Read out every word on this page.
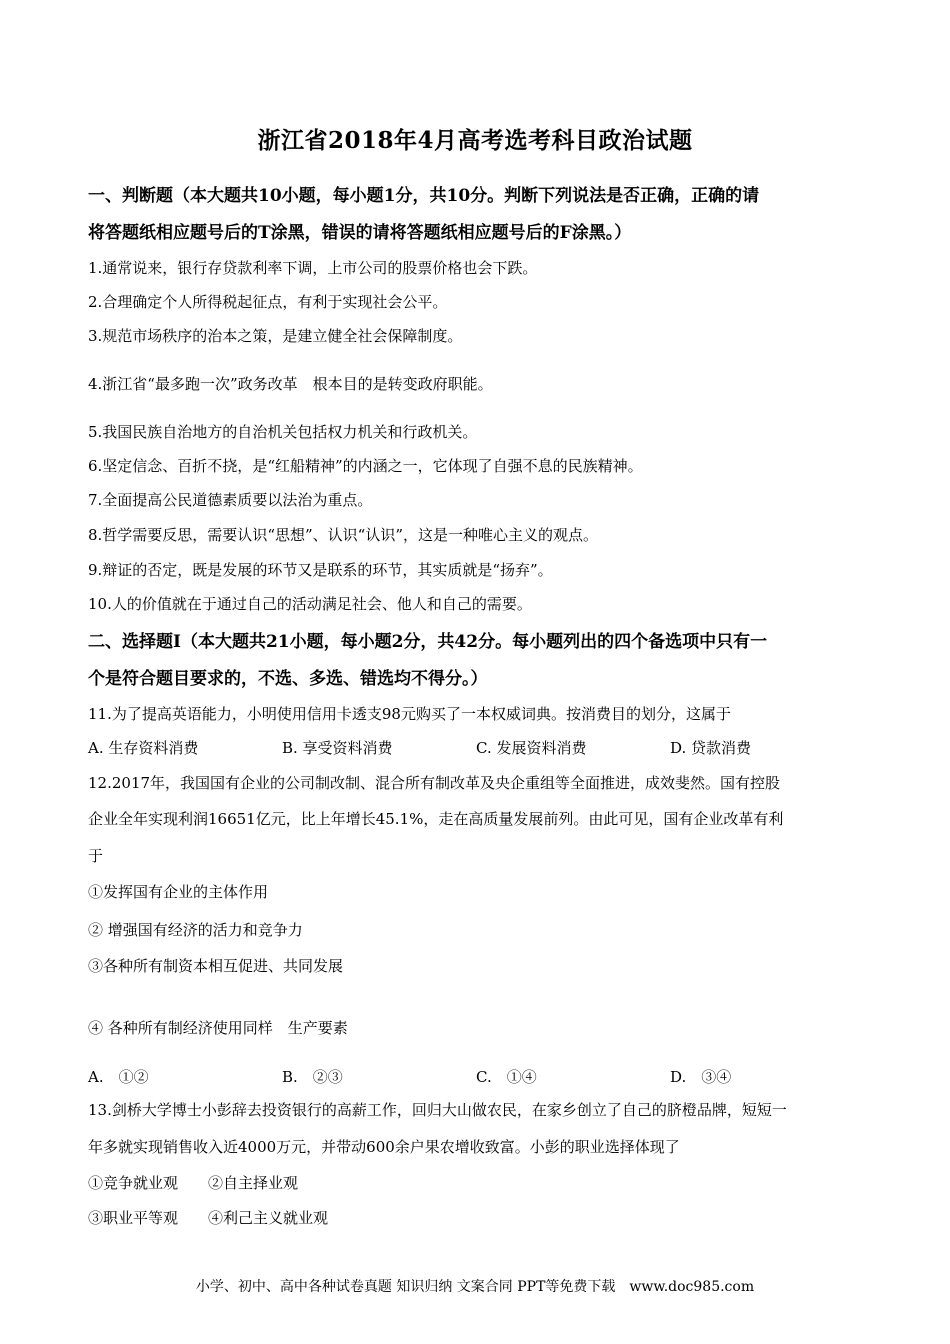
浙江省2018年4月高考选考科目政治试题
一、判断题（本大题共10小题，每小题1分，共10分。判断下列说法是否正确，正确的请
将答题纸相应题号后的T涂黑，错误的请将答题纸相应题号后的F涂黑。）
1.通常说来，银行存贷款利率下调，上市公司的股票价格也会下跌。
2.合理确定个人所得税起征点，有利于实现社会公平。
3.规范市场秩序的治本之策，是建立健全社会保障制度。
4.浙江省“最多跑一次”政务改革　根本目的是转变政府职能。
5.我国民族自治地方的自治机关包括权力机关和行政机关。
6.坚定信念、百折不挠，是“红船精神”的内涵之一，它体现了自强不息的民族精神。
7.全面提高公民道德素质要以法治为重点。
8.哲学需要反思，需要认识“思想”、认识“认识”，这是一种唯心主义的观点。
9.辩证的否定，既是发展的环节又是联系的环节，其实质就是“扬弃”。
10.人的价值就在于通过自己的活动满足社会、他人和自己的需要。
二、选择题Ⅰ（本大题共21小题，每小题2分，共42分。每小题列出的四个备选项中只有一
个是符合题目要求的，不选、多选、错选均不得分。）
11.为了提高英语能力，小明使用信用卡透支98元购买了一本权威词典。按消费目的划分，这属于
A. 生存资料消费	B. 享受资料消费	C. 发展资料消费	D. 贷款消费
12.2017年，我国国有企业的公司制改制、混合所有制改革及央企重组等全面推进，成效斐然。国有控股
企业全年实现利润16651亿元，比上年增长45.1%，走在高质量发展前列。由此可见，国有企业改革有利
于
①发挥国有企业的主体作用
② 增强国有经济的活力和竞争力
③各种所有制资本相互促进、共同发展
④ 各种所有制经济使用同样　生产要素
A.　①②	B.　②③	C.　①④	D.　③④
13.剑桥大学博士小彭辞去投资银行的高薪工作，回归大山做农民，在家乡创立了自己的脐橙品牌，短短一
年多就实现销售收入近4000万元，并带动600余户果农增收致富。小彭的职业选择体现了
①竞争就业观　　②自主择业观
③职业平等观　　④利己主义就业观
小学、初中、高中各种试卷真题 知识归纳 文案合同 PPT等免费下载　www.doc985.com
